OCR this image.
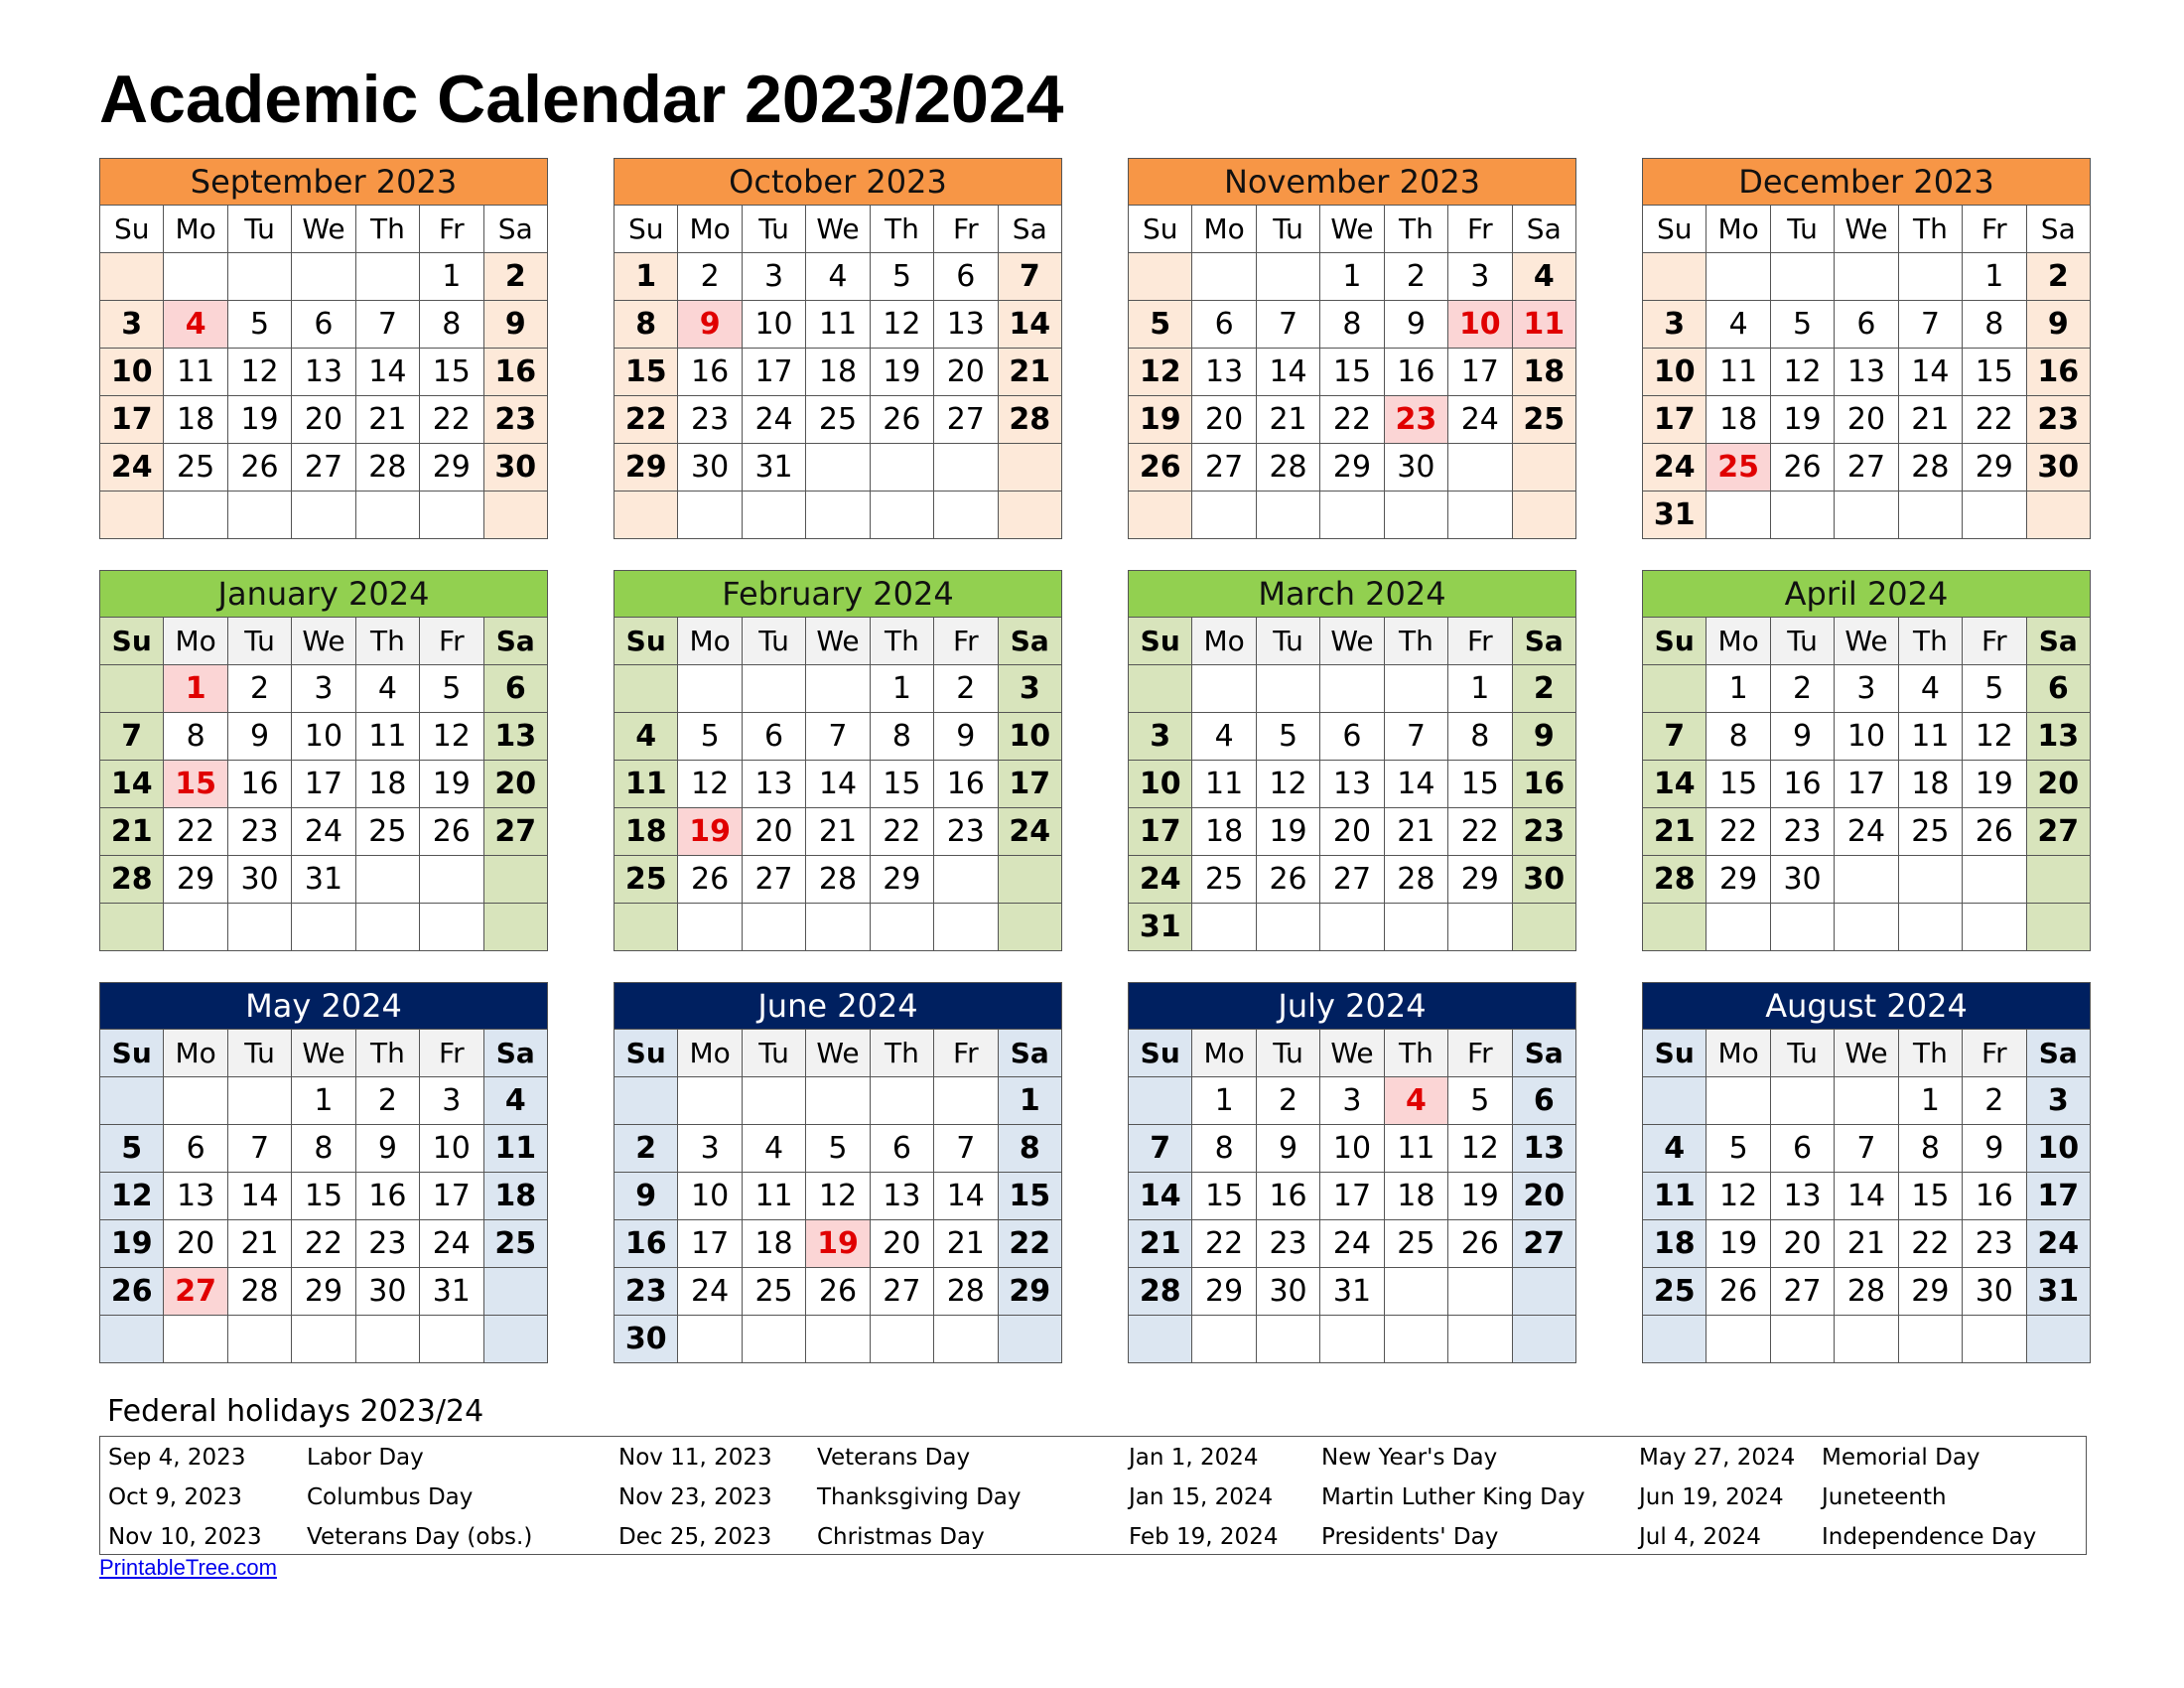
Academic Calendar 2023/2024
September 2023						
Su	Mo	Tu	We	Th	Fr	Sa
					1	2
3	4	5	6	7	8	9
10	11	12	13	14	15	16
17	18	19	20	21	22	23
24	25	26	27	28	29	30

October 2023						
Su	Mo	Tu	We	Th	Fr	Sa
1	2	3	4	5	6	7
8	9	10	11	12	13	14
15	16	17	18	19	20	21
22	23	24	25	26	27	28
29	30	31				

November 2023						
Su	Mo	Tu	We	Th	Fr	Sa
			1	2	3	4
5	6	7	8	9	10	11
12	13	14	15	16	17	18
19	20	21	22	23	24	25
26	27	28	29	30		

December 2023						
Su	Mo	Tu	We	Th	Fr	Sa
					1	2
3	4	5	6	7	8	9
10	11	12	13	14	15	16
17	18	19	20	21	22	23
24	25	26	27	28	29	30
31						
January 2024						
Su	Mo	Tu	We	Th	Fr	Sa
	1	2	3	4	5	6
7	8	9	10	11	12	13
14	15	16	17	18	19	20
21	22	23	24	25	26	27
28	29	30	31			

February 2024						
Su	Mo	Tu	We	Th	Fr	Sa
				1	2	3
4	5	6	7	8	9	10
11	12	13	14	15	16	17
18	19	20	21	22	23	24
25	26	27	28	29		

March 2024						
Su	Mo	Tu	We	Th	Fr	Sa
					1	2
3	4	5	6	7	8	9
10	11	12	13	14	15	16
17	18	19	20	21	22	23
24	25	26	27	28	29	30
31						
April 2024						
Su	Mo	Tu	We	Th	Fr	Sa
	1	2	3	4	5	6
7	8	9	10	11	12	13
14	15	16	17	18	19	20
21	22	23	24	25	26	27
28	29	30				

May 2024						
Su	Mo	Tu	We	Th	Fr	Sa
			1	2	3	4
5	6	7	8	9	10	11
12	13	14	15	16	17	18
19	20	21	22	23	24	25
26	27	28	29	30	31	

June 2024						
Su	Mo	Tu	We	Th	Fr	Sa
						1
2	3	4	5	6	7	8
9	10	11	12	13	14	15
16	17	18	19	20	21	22
23	24	25	26	27	28	29
30						
July 2024						
Su	Mo	Tu	We	Th	Fr	Sa
	1	2	3	4	5	6
7	8	9	10	11	12	13
14	15	16	17	18	19	20
21	22	23	24	25	26	27
28	29	30	31			

August 2024						
Su	Mo	Tu	We	Th	Fr	Sa
				1	2	3
4	5	6	7	8	9	10
11	12	13	14	15	16	17
18	19	20	21	22	23	24
25	26	27	28	29	30	31

Federal holidays 2023/24
Sep 4, 2023	Labor Day
Oct 9, 2023	Columbus Day
Nov 10, 2023 Veterans Day (obs.)
Nov 11, 2023 Veterans Day
Nov 23, 2023 Thanksgiving Day
Dec 25, 2023 Christmas Day
Jan 1, 2024	New Year's Day
Jan 15, 2024 Martin Luther King Day
Feb 19, 2024 Presidents' Day
May 27, 2024 Memorial Day
Jun 19, 2024 Juneteenth
Jul 4, 2024	Independence Day
PrintableTree.com
